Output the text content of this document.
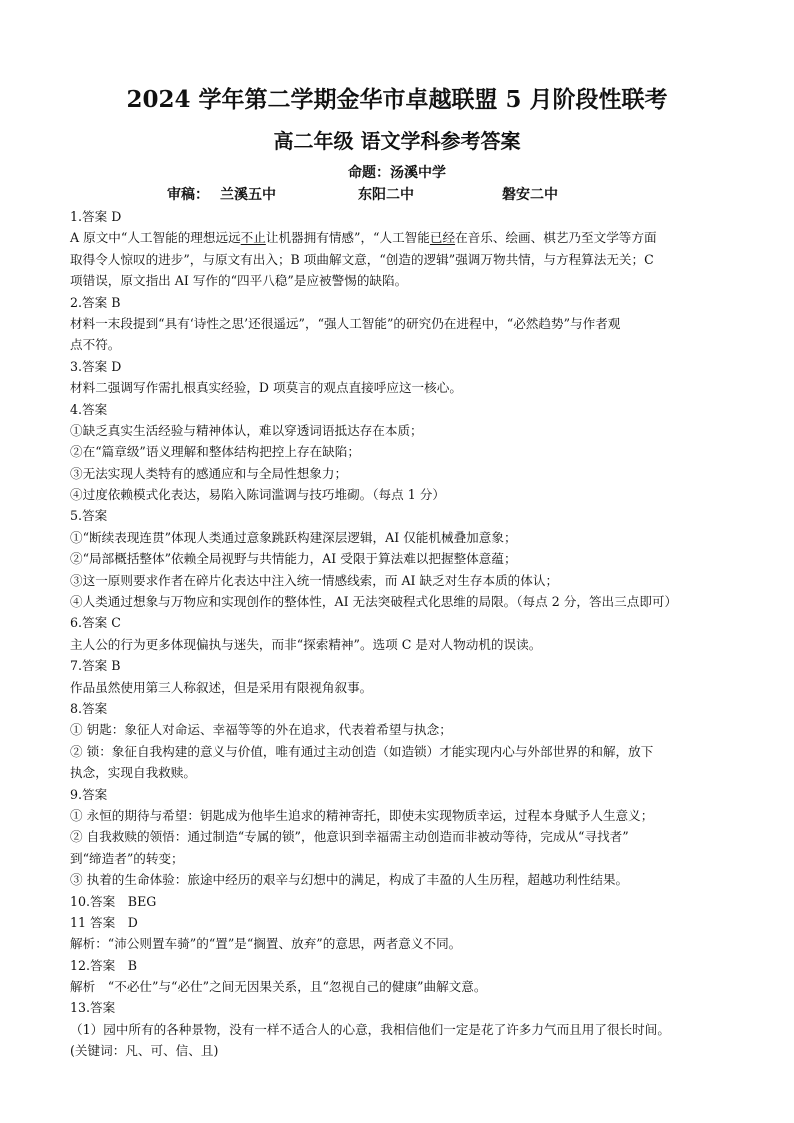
2024 学年第二学期金华市卓越联盟 5 月阶段性联考
高二年级 语文学科参考答案
命题：汤溪中学
审稿： 兰溪五中	东阳二中	磐安二中
1.答案 D
A 原文中“人工智能的理想远远不止让机器拥有情感”，“人工智能已经在音乐、绘画、棋艺乃至文学等方面
取得令人惊叹的进步”，与原文有出入；B 项曲解文意，“创造的逻辑”强调万物共情，与方程算法无关；C
项错误，原文指出 AI 写作的“四平八稳”是应被警惕的缺陷。
2.答案 B
材料一末段提到“具有‘诗性之思’还很遥远”，“强人工智能”的研究仍在进程中，“必然趋势”与作者观
点不符。
3.答案 D
材料二强调写作需扎根真实经验，D 项莫言的观点直接呼应这一核心。
4.答案
①缺乏真实生活经验与精神体认，难以穿透词语抵达存在本质；
②在“篇章级”语义理解和整体结构把控上存在缺陷；
③无法实现人类特有的感通应和与全局性想象力；
④过度依赖模式化表达，易陷入陈词滥调与技巧堆砌。（每点 1 分）
5.答案
①“断续表现连贯”体现人类通过意象跳跃构建深层逻辑，AI 仅能机械叠加意象；
②“局部概括整体”依赖全局视野与共情能力，AI 受限于算法难以把握整体意蕴；
③这一原则要求作者在碎片化表达中注入统一情感线索，而 AI 缺乏对生存本质的体认；
④人类通过想象与万物应和实现创作的整体性，AI 无法突破程式化思维的局限。（每点 2 分，答出三点即可）
6.答案 C
主人公的行为更多体现偏执与迷失，而非“探索精神”。选项 C 是对人物动机的误读。
7.答案 B
作品虽然使用第三人称叙述，但是采用有限视角叙事。
8.答案
① 钥匙：象征人对命运、幸福等等的外在追求，代表着希望与执念；
② 锁：象征自我构建的意义与价值，唯有通过主动创造（如造锁）才能实现内心与外部世界的和解，放下
执念，实现自我救赎。
9.答案
① 永恒的期待与希望：钥匙成为他毕生追求的精神寄托，即使未实现物质幸运，过程本身赋予人生意义；
② 自我救赎的领悟：通过制造“专属的锁”，他意识到幸福需主动创造而非被动等待，完成从“寻找者”
到“缔造者”的转变；
③ 执着的生命体验：旅途中经历的艰辛与幻想中的满足，构成了丰盈的人生历程，超越功利性结果。
10.答案　BEG
11 答案　D
解析：“沛公则置车骑”的“置”是“搁置、放弃”的意思，两者意义不同。
12.答案　B
解析　“不必仕”与“必仕”之间无因果关系，且“忽视自己的健康”曲解文意。
13.答案
（1）园中所有的各种景物，没有一样不适合人的心意，我相信他们一定是花了许多力气而且用了很长时间。
(关键词：凡、可、信、且)
